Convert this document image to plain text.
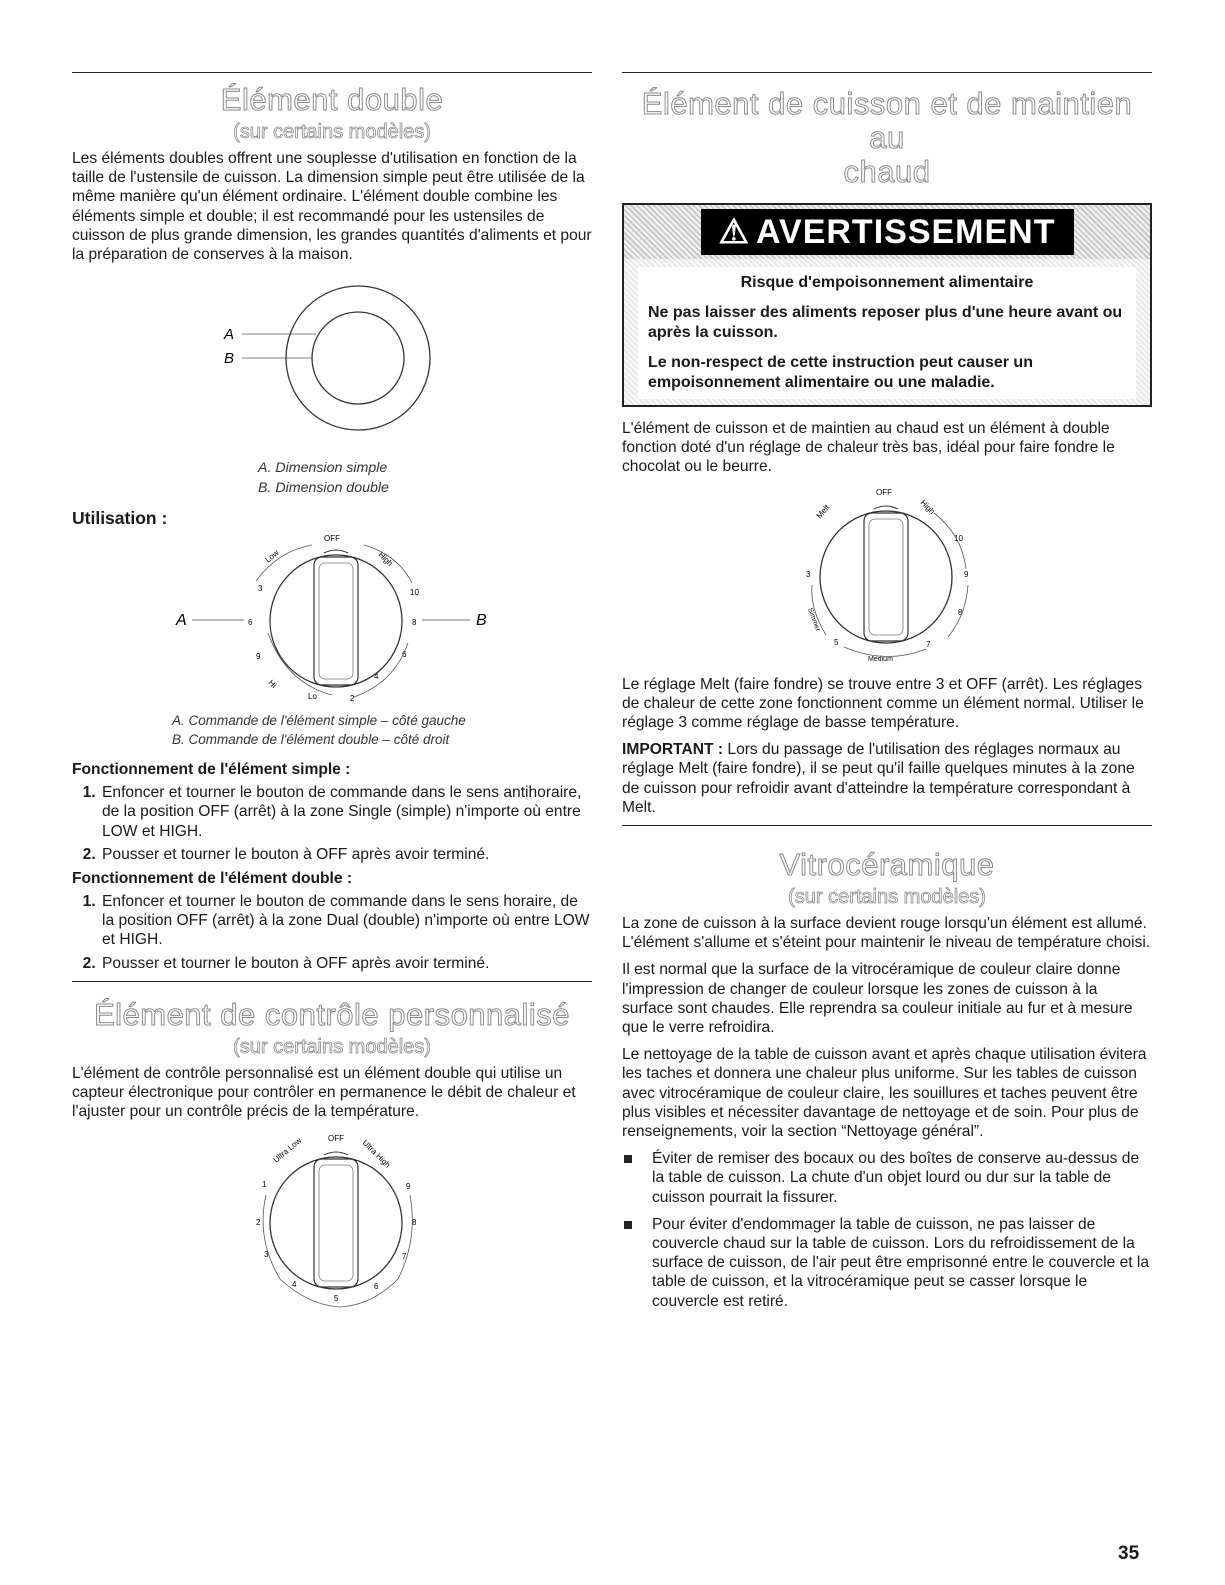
Élément double
(sur certains modèles)

Les éléments doubles offrent une souplesse d'utilisation en fonction de la taille de l'ustensile de cuisson. La dimension simple peut être utilisée de la même manière qu'un élément ordinaire. L'élément double combine les éléments simple et double; il est recommandé pour les ustensiles de cuisson de plus grande dimension, les grandes quantités d'aliments et pour la préparation de conserves à la maison.

A
B
A. Dimension simple
B. Dimension double
Utilisation :
OFF
Low	High
3
6
9
Hi
10
8
6
4
Lo	2
A	B
A. Commande de l'élément simple – côté gauche
B. Commande de l'élément double – côté droit
Fonctionnement de l'élément simple :
1. Enfoncer et tourner le bouton de commande dans le sens antihoraire, de la position OFF (arrêt) à la zone Single (simple) n'importe où entre LOW et HIGH.
2. Pousser et tourner le bouton à OFF après avoir terminé.
Fonctionnement de l'élément double :
1. Enfoncer et tourner le bouton de commande dans le sens horaire, de la position OFF (arrêt) à la zone Dual (double) n'importe où entre LOW et HIGH.
2. Pousser et tourner le bouton à OFF après avoir terminé.
Élément de contrôle personnalisé
(sur certains modèles)

L'élément de contrôle personnalisé est un élément double qui utilise un capteur électronique pour contrôler en permanence le débit de chaleur et l'ajuster pour un contrôle précis de la température.

OFF
Ultra Low	Ultra High
1
2
3
4
5
6
7
8
9
Élément de cuisson et de maintien au
chaud
⚠ AVERTISSEMENT

Risque d'empoisonnement alimentaire

Ne pas laisser des aliments reposer plus d'une heure avant ou après la cuisson.

Le non-respect de cette instruction peut causer un empoisonnement alimentaire ou une maladie.

L'élément de cuisson et de maintien au chaud est un élément à double fonction doté d'un réglage de chaleur très bas, idéal pour faire fondre le chocolat ou le beurre.

OFF
Melt	High
10
9
8
7
Medium
5
Simmer
3

Le réglage Melt (faire fondre) se trouve entre 3 et OFF (arrêt). Les réglages de chaleur de cette zone fonctionnent comme un élément normal. Utiliser le réglage 3 comme réglage de basse température.

IMPORTANT : Lors du passage de l'utilisation des réglages normaux au réglage Melt (faire fondre), il se peut qu'il faille quelques minutes à la zone de cuisson pour refroidir avant d'atteindre la température correspondant à Melt.

Vitrocéramique
(sur certains modèles)

La zone de cuisson à la surface devient rouge lorsqu'un élément est allumé. L'élément s'allume et s'éteint pour maintenir le niveau de température choisi.

Il est normal que la surface de la vitrocéramique de couleur claire donne l'impression de changer de couleur lorsque les zones de cuisson à la surface sont chaudes. Elle reprendra sa couleur initiale au fur et à mesure que le verre refroidira.

Le nettoyage de la table de cuisson avant et après chaque utilisation évitera les taches et donnera une chaleur plus uniforme. Sur les tables de cuisson avec vitrocéramique de couleur claire, les souillures et taches peuvent être plus visibles et nécessiter davantage de nettoyage et de soin. Pour plus de renseignements, voir la section “Nettoyage général”.

Éviter de remiser des bocaux ou des boîtes de conserve au-dessus de la table de cuisson. La chute d'un objet lourd ou dur sur la table de cuisson pourrait la fissurer.
Pour éviter d'endommager la table de cuisson, ne pas laisser de couvercle chaud sur la table de cuisson. Lors du refroidissement de la surface de cuisson, de l'air peut être emprisonné entre le couvercle et la table de cuisson, et la vitrocéramique peut se casser lorsque le couvercle est retiré.
35
